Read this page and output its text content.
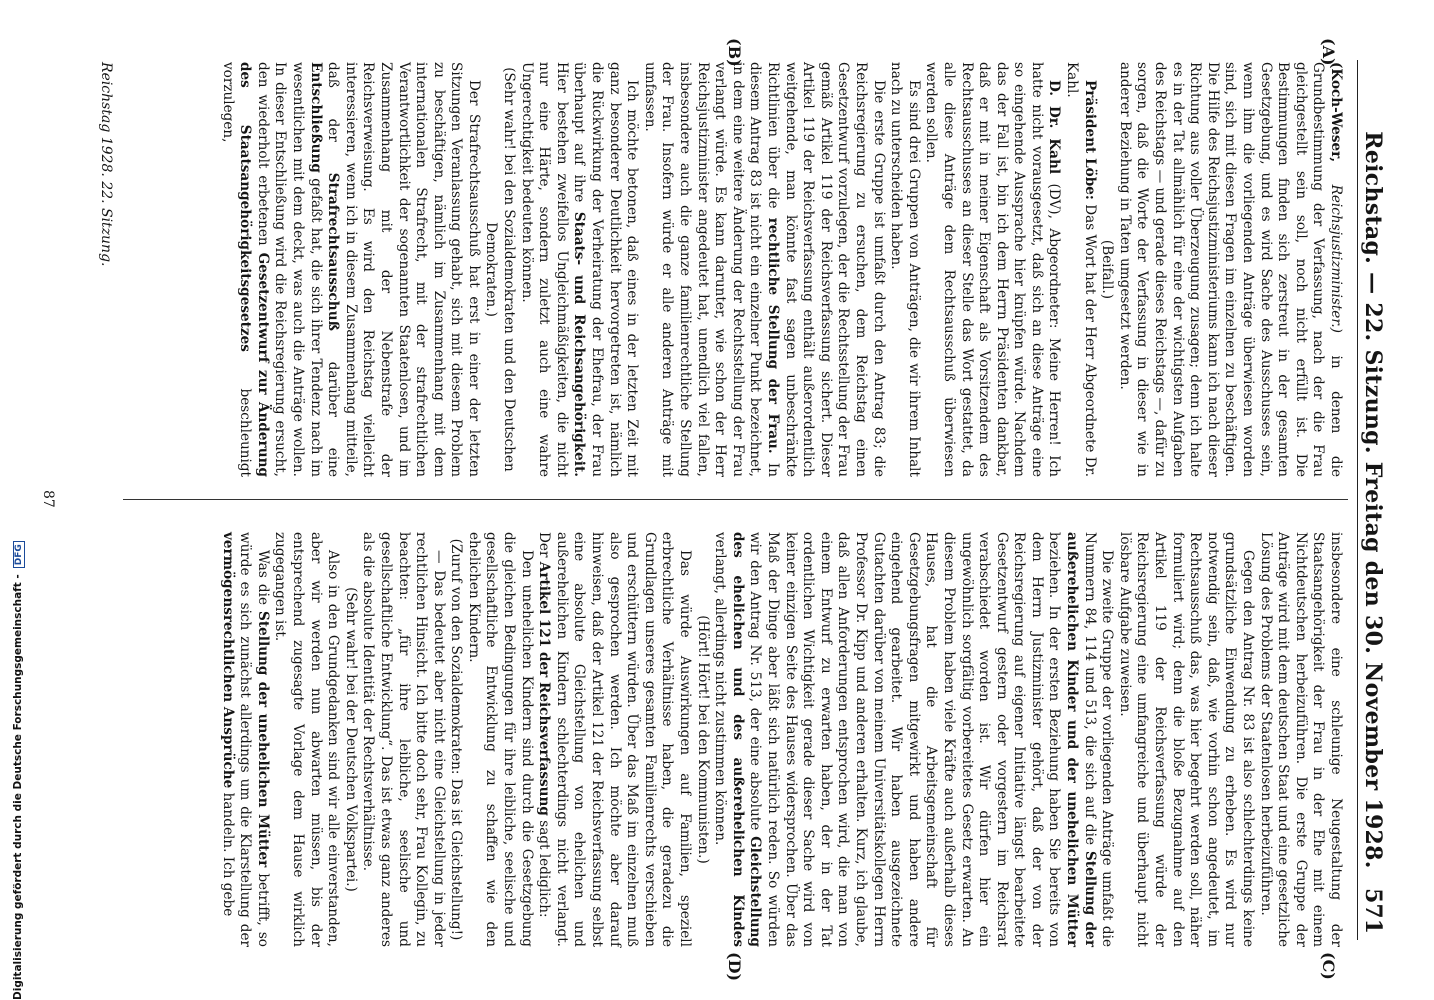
Digitalisierung gefördert durch die Deutsche Forschungsgemeinschaft -DFG	Reichstag. — 22. Sitzung. Freitag den 30. November 1928.
571
(A)
(B)
(C)
(D)

(Koch-Weser, Reichsjustizminister.) in denen die Grundbestimmung der Verfassung, nach der die Frau gleichgestellt sein soll, noch nicht erfüllt ist. Die Bestimmungen finden sich zerstreut in der gesamten Gesetzgebung, und es wird Sache des Ausschusses sein, wenn ihm die vorliegenden Anträge überwiesen worden sind, sich mit diesen Fragen im einzelnen zu beschäftigen. Die Hilfe des Reichsjustizministeriums kann ich nach dieser Richtung aus voller Überzeugung zusagen; denn ich halte es in der Tat allmählich für eine der wichtigsten Aufgaben des Reichstags — und gerade dieses Reichstags —, dafür zu sorgen, daß die Worte der Verfassung in dieser wie in anderer Beziehung in Taten umgesetzt werden.

(Beifall.)

Präsident Löbe: Das Wort hat der Herr Abgeordnete Dr. Kahl.

D. Dr. Kahl (DV), Abgeordneter: Meine Herren! Ich hatte nicht vorausgesetzt, daß sich an diese Anträge eine so eingehende Aussprache hier knüpfen würde. Nachdem das der Fall ist, bin ich dem Herrn Präsidenten dankbar, daß er mit in meiner Eigenschaft als Vorsitzendem des Rechtsausschusses an dieser Stelle das Wort gestattet, da alle diese Anträge dem Rechtsausschuß überwiesen werden sollen.

Es sind drei Gruppen von Anträgen, die wir ihrem Inhalt nach zu unterscheiden haben.

Die erste Gruppe ist umfaßt durch den Antrag 83; die Reichsregierung zu ersuchen, dem Reichstag einen Gesetzentwurf vorzulegen, der die Rechtsstellung der Frau gemäß Artikel 119 der Reichsverfassung sichert. Dieser Artikel 119 der Reichsverfassung enthält außerordentlich weitgehende, man könnte fast sagen unbeschränkte Richtlinien über die rechtliche Stellung der Frau. In diesem Antrag 83 ist nicht ein einzelner Punkt bezeichnet, in dem eine weitere Änderung der Rechtsstellung der Frau verlangt würde. Es kann darunter, wie schon der Herr Reichsjustizminister angedeutet hat, unendlich viel fallen, insbesondere auch die ganze familienrechtliche Stellung der Frau. Insofern würde er alle anderen Anträge mit umfassen.

Ich möchte betonen, daß eines in der letzten Zeit mit ganz besonderer Deutlichkeit hervorgetreten ist, nämlich die Rückwirkung der Verheiratung der Ehefrau, der Frau überhaupt auf ihre Staats- und Reichsangehörigkeit. Hier bestehen zweifellos Ungleichmäßigkeiten, die nicht nur eine Härte, sondern zuletzt auch eine wahre Ungerechtigkeit bedeuten können.

(Sehr wahr! bei den Sozialdemokraten und den Deutschen Demokraten.)

Der Strafrechtsausschuß hat erst in einer der letzten Sitzungen Veranlassung gehabt, sich mit diesem Problem zu beschäftigen, nämlich im Zusammenhang mit dem internationalen Strafrecht, mit der strafrechtlichen Verantwortlichkeit der sogenannten Staatenlosen, und im Zusammenhang mit der Nebenstrafe der Reichsverweisung. Es wird den Reichstag vielleicht interessieren, wenn ich in diesem Zusammenhang mitteile, daß der Strafrechtsausschuß darüber eine Entschließung gefaßt hat, die sich ihrer Tendenz nach im wesentlichen mit dem deckt, was auch die Anträge wollen. In dieser Entschließung wird die Reichsregierung ersucht, den wiederholt erbetenen Gesetzentwurf zur Änderung des Staatsangehörigkeitsgesetzes beschleunigt vorzulegen,

insbesondere eine schleunige Neugestaltung der Staatsangehörigkeit der Frau in der Ehe mit einem Nichtdeutschen herbeizuführen. Die erste Gruppe der Anträge wird mit dem deutschen Staat und eine gesetzliche Lösung des Problems der Staatenlosen herbeizuführen.

Gegen den Antrag Nr. 83 ist also schlechterdings keine grundsätzliche Einwendung zu erheben. Es wird nur notwendig sein, daß, wie vorhin schon angedeutet, im Rechtsausschuß das, was hier begehrt werden soll, näher formuliert wird; denn die bloße Bezugnahme auf den Artikel 119 der Reichsverfassung würde der Reichsregierung eine umfangreiche und überhaupt nicht lösbare Aufgabe zuweisen.

Die zweite Gruppe der vorliegenden Anträge umfaßt die Nummern 84, 114 und 513, die sich auf die Stellung der außerehelichen Kinder und der unehelichen Mütter beziehen. In der ersten Beziehung haben Sie bereits von dem Herrn Justizminister gehört, daß der von der Reichsregierung auf eigener Initiative längst bearbeitete Gesetzentwurf gestern oder vorgestern im Reichsrat verabschiedet worden ist. Wir dürfen hier ein ungewöhnlich sorgfältig vorbereitetes Gesetz erwarten. An diesem Problem haben viele Kräfte auch außerhalb dieses Hauses, hat die Arbeitsgemeinschaft für Gesetzgebungsfragen mitgewirkt und haben andere eingehend gearbeitet. Wir haben ausgezeichnete Gutachten darüber von meinem Universitätskollegen Herrn Professor Dr. Kipp und anderen erhalten. Kurz, ich glaube, daß allen Anforderungen entsprochen wird, die man von einem Entwurf zu erwarten haben, der in der Tat ordentlichen Wichtigkeit gerade dieser Sache wird von keiner einzigen Seite des Hauses widersprochen. Über das Maß der Dinge aber läßt sich natürlich reden. So würden wir den Antrag Nr. 513, der eine absolute Gleichstellung des ehelichen und des außerehelichen Kindes verlangt, allerdings nicht zustimmen können.

(Hört! Hört! bei den Kommunisten.)

Das würde Auswirkungen auf Familien, speziell erbrechtliche Verhältnisse haben, die geradezu die Grundlagen unseres gesamten Familienrechts verschieben und erschüttern würden. Über das Maß im einzelnen muß also gesprochen werden. Ich möchte aber darauf hinweisen, daß der Artikel 121 der Reichsverfassung selbst eine absolute Gleichstellung von ehelichen und außerehelichen Kindern schlechterdings nicht verlangt. Der Artikel 121 der Reichsverfassung sagt lediglich:

Den unehelichen Kindern sind durch die Gesetzgebung die gleichen Bedingungen für ihre leibliche, seelische und gesellschaftliche Entwicklung zu schaffen wie den ehelichen Kindern.

(Zuruf von den Sozialdemokraten: Das ist Gleichstellung!)

— Das bedeutet aber nicht eine Gleichstellung in jeder rechtlichen Hinsicht. Ich bitte doch sehr, Frau Kollegin, zu beachten: „für ihre leibliche, seelische und gesellschaftliche Entwicklung“. Das ist etwas ganz anderes als die absolute Identität der Rechtsverhältnisse.

(Sehr wahr! bei der Deutschen Volkspartei.)

Also in den Grundgedanken sind wir alle einverstanden, aber wir werden nun abwarten müssen, bis der entsprechend zugesagte Vorlage dem Hause wirklich zugegangen ist.

Was die Stellung der unehelichen Mütter betrifft, so würde es sich zunächst allerdings um die Klarstellung der vermögensrechtlichen Ansprüche handeln. Ich gebe

Reichstag 1928. 22. Sitzung.
87
